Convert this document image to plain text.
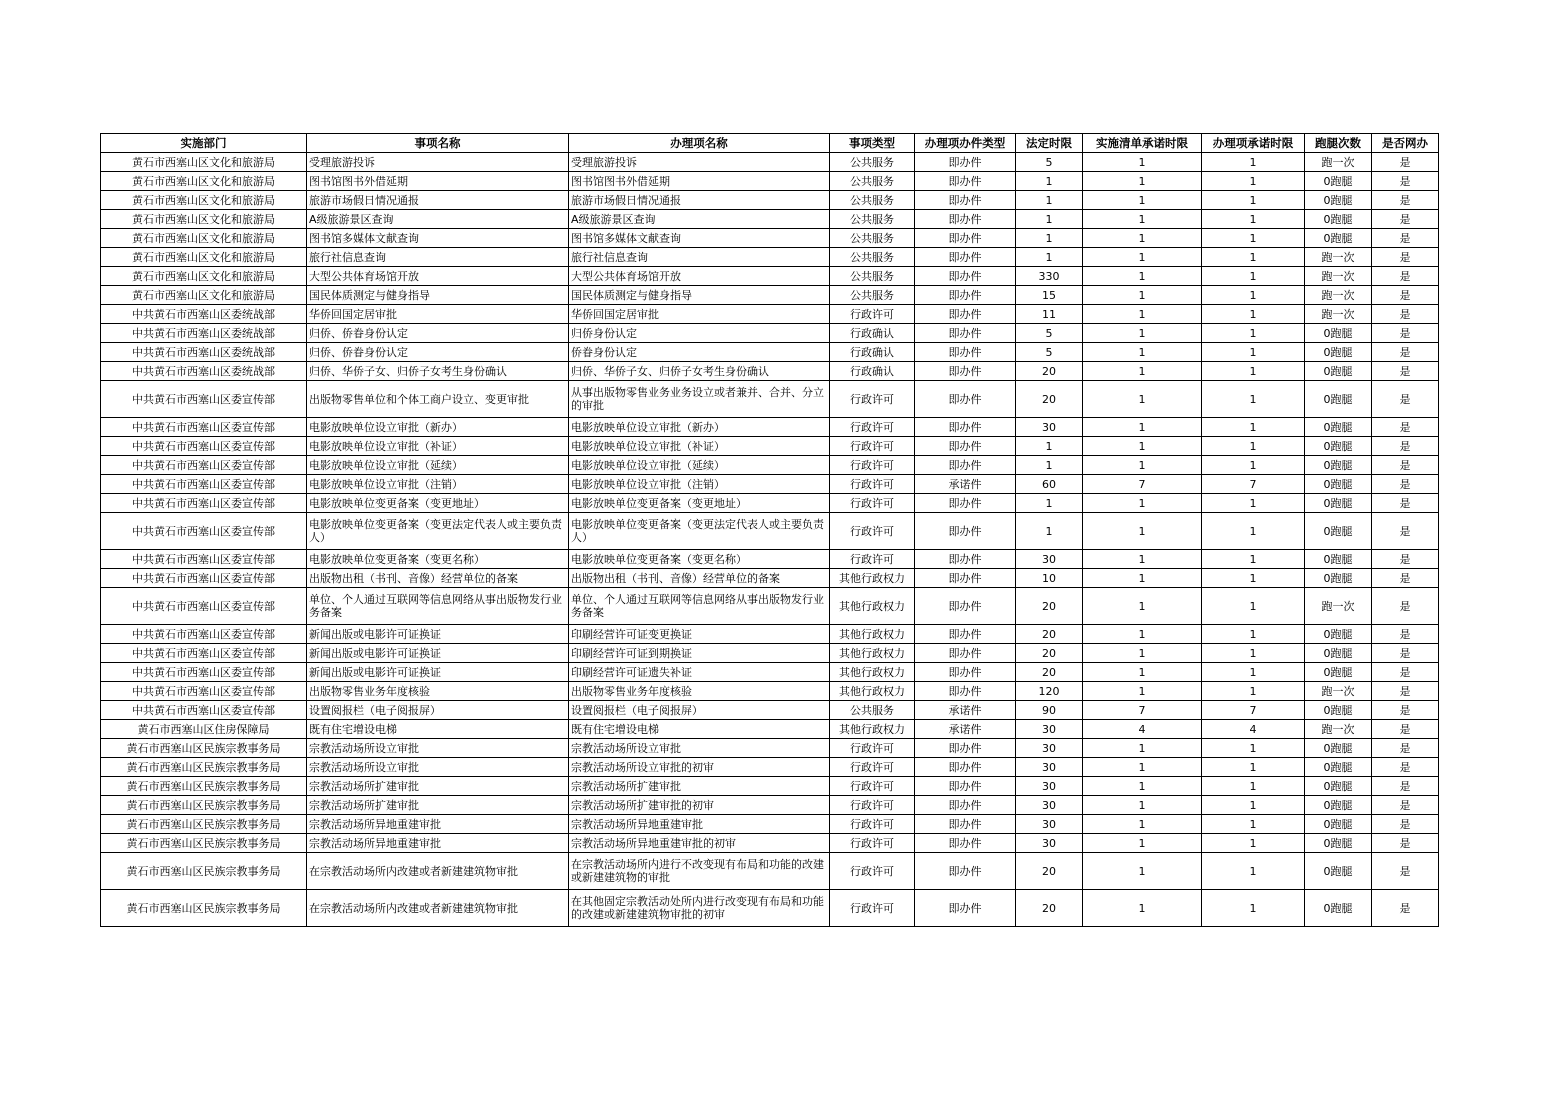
实施部门	事项名称	办理项名称	事项类型	办理项办件类型	法定时限	实施清单承诺时限	办理项承诺时限	跑腿次数	是否网办
黄石市西塞山区文化和旅游局	受理旅游投诉	受理旅游投诉	公共服务	即办件	5	1	1	跑一次	是
黄石市西塞山区文化和旅游局	图书馆图书外借延期	图书馆图书外借延期	公共服务	即办件	1	1	1	0跑腿	是
黄石市西塞山区文化和旅游局	旅游市场假日情况通报	旅游市场假日情况通报	公共服务	即办件	1	1	1	0跑腿	是
黄石市西塞山区文化和旅游局	A级旅游景区查询	A级旅游景区查询	公共服务	即办件	1	1	1	0跑腿	是
黄石市西塞山区文化和旅游局	图书馆多媒体文献查询	图书馆多媒体文献查询	公共服务	即办件	1	1	1	0跑腿	是
黄石市西塞山区文化和旅游局	旅行社信息查询	旅行社信息查询	公共服务	即办件	1	1	1	跑一次	是
黄石市西塞山区文化和旅游局	大型公共体育场馆开放	大型公共体育场馆开放	公共服务	即办件	330	1	1	跑一次	是
黄石市西塞山区文化和旅游局	国民体质测定与健身指导	国民体质测定与健身指导	公共服务	即办件	15	1	1	跑一次	是
中共黄石市西塞山区委统战部	华侨回国定居审批	华侨回国定居审批	行政许可	即办件	11	1	1	跑一次	是
中共黄石市西塞山区委统战部	归侨、侨眷身份认定	归侨身份认定	行政确认	即办件	5	1	1	0跑腿	是
中共黄石市西塞山区委统战部	归侨、侨眷身份认定	侨眷身份认定	行政确认	即办件	5	1	1	0跑腿	是
中共黄石市西塞山区委统战部	归侨、华侨子女、归侨子女考生身份确认	归侨、华侨子女、归侨子女考生身份确认	行政确认	即办件	20	1	1	0跑腿	是
中共黄石市西塞山区委宣传部	出版物零售单位和个体工商户设立、变更审批	从事出版物零售业务业务设立或者兼并、合并、分立的审批	行政许可	即办件	20	1	1	0跑腿	是
中共黄石市西塞山区委宣传部	电影放映单位设立审批（新办）	电影放映单位设立审批（新办）	行政许可	即办件	30	1	1	0跑腿	是
中共黄石市西塞山区委宣传部	电影放映单位设立审批（补证）	电影放映单位设立审批（补证）	行政许可	即办件	1	1	1	0跑腿	是
中共黄石市西塞山区委宣传部	电影放映单位设立审批（延续）	电影放映单位设立审批（延续）	行政许可	即办件	1	1	1	0跑腿	是
中共黄石市西塞山区委宣传部	电影放映单位设立审批（注销）	电影放映单位设立审批（注销）	行政许可	承诺件	60	7	7	0跑腿	是
中共黄石市西塞山区委宣传部	电影放映单位变更备案（变更地址）	电影放映单位变更备案（变更地址）	行政许可	即办件	1	1	1	0跑腿	是
中共黄石市西塞山区委宣传部	电影放映单位变更备案（变更法定代表人或主要负责人）	电影放映单位变更备案（变更法定代表人或主要负责人）	行政许可	即办件	1	1	1	0跑腿	是
中共黄石市西塞山区委宣传部	电影放映单位变更备案（变更名称）	电影放映单位变更备案（变更名称）	行政许可	即办件	30	1	1	0跑腿	是
中共黄石市西塞山区委宣传部	出版物出租（书刊、音像）经营单位的备案	出版物出租（书刊、音像）经营单位的备案	其他行政权力	即办件	10	1	1	0跑腿	是
中共黄石市西塞山区委宣传部	单位、个人通过互联网等信息网络从事出版物发行业务备案	单位、个人通过互联网等信息网络从事出版物发行业务备案	其他行政权力	即办件	20	1	1	跑一次	是
中共黄石市西塞山区委宣传部	新闻出版或电影许可证换证	印刷经营许可证变更换证	其他行政权力	即办件	20	1	1	0跑腿	是
中共黄石市西塞山区委宣传部	新闻出版或电影许可证换证	印刷经营许可证到期换证	其他行政权力	即办件	20	1	1	0跑腿	是
中共黄石市西塞山区委宣传部	新闻出版或电影许可证换证	印刷经营许可证遗失补证	其他行政权力	即办件	20	1	1	0跑腿	是
中共黄石市西塞山区委宣传部	出版物零售业务年度核验	出版物零售业务年度核验	其他行政权力	即办件	120	1	1	跑一次	是
中共黄石市西塞山区委宣传部	设置阅报栏（电子阅报屏）	设置阅报栏（电子阅报屏）	公共服务	承诺件	90	7	7	0跑腿	是
黄石市西塞山区住房保障局	既有住宅增设电梯	既有住宅增设电梯	其他行政权力	承诺件	30	4	4	跑一次	是
黄石市西塞山区民族宗教事务局	宗教活动场所设立审批	宗教活动场所设立审批	行政许可	即办件	30	1	1	0跑腿	是
黄石市西塞山区民族宗教事务局	宗教活动场所设立审批	宗教活动场所设立审批的初审	行政许可	即办件	30	1	1	0跑腿	是
黄石市西塞山区民族宗教事务局	宗教活动场所扩建审批	宗教活动场所扩建审批	行政许可	即办件	30	1	1	0跑腿	是
黄石市西塞山区民族宗教事务局	宗教活动场所扩建审批	宗教活动场所扩建审批的初审	行政许可	即办件	30	1	1	0跑腿	是
黄石市西塞山区民族宗教事务局	宗教活动场所异地重建审批	宗教活动场所异地重建审批	行政许可	即办件	30	1	1	0跑腿	是
黄石市西塞山区民族宗教事务局	宗教活动场所异地重建审批	宗教活动场所异地重建审批的初审	行政许可	即办件	30	1	1	0跑腿	是
黄石市西塞山区民族宗教事务局	在宗教活动场所内改建或者新建建筑物审批	在宗教活动场所内进行不改变现有布局和功能的改建或新建建筑物的审批	行政许可	即办件	20	1	1	0跑腿	是
黄石市西塞山区民族宗教事务局	在宗教活动场所内改建或者新建建筑物审批	在其他固定宗教活动处所内进行改变现有布局和功能的改建或新建建筑物审批的初审	行政许可	即办件	20	1	1	0跑腿	是
